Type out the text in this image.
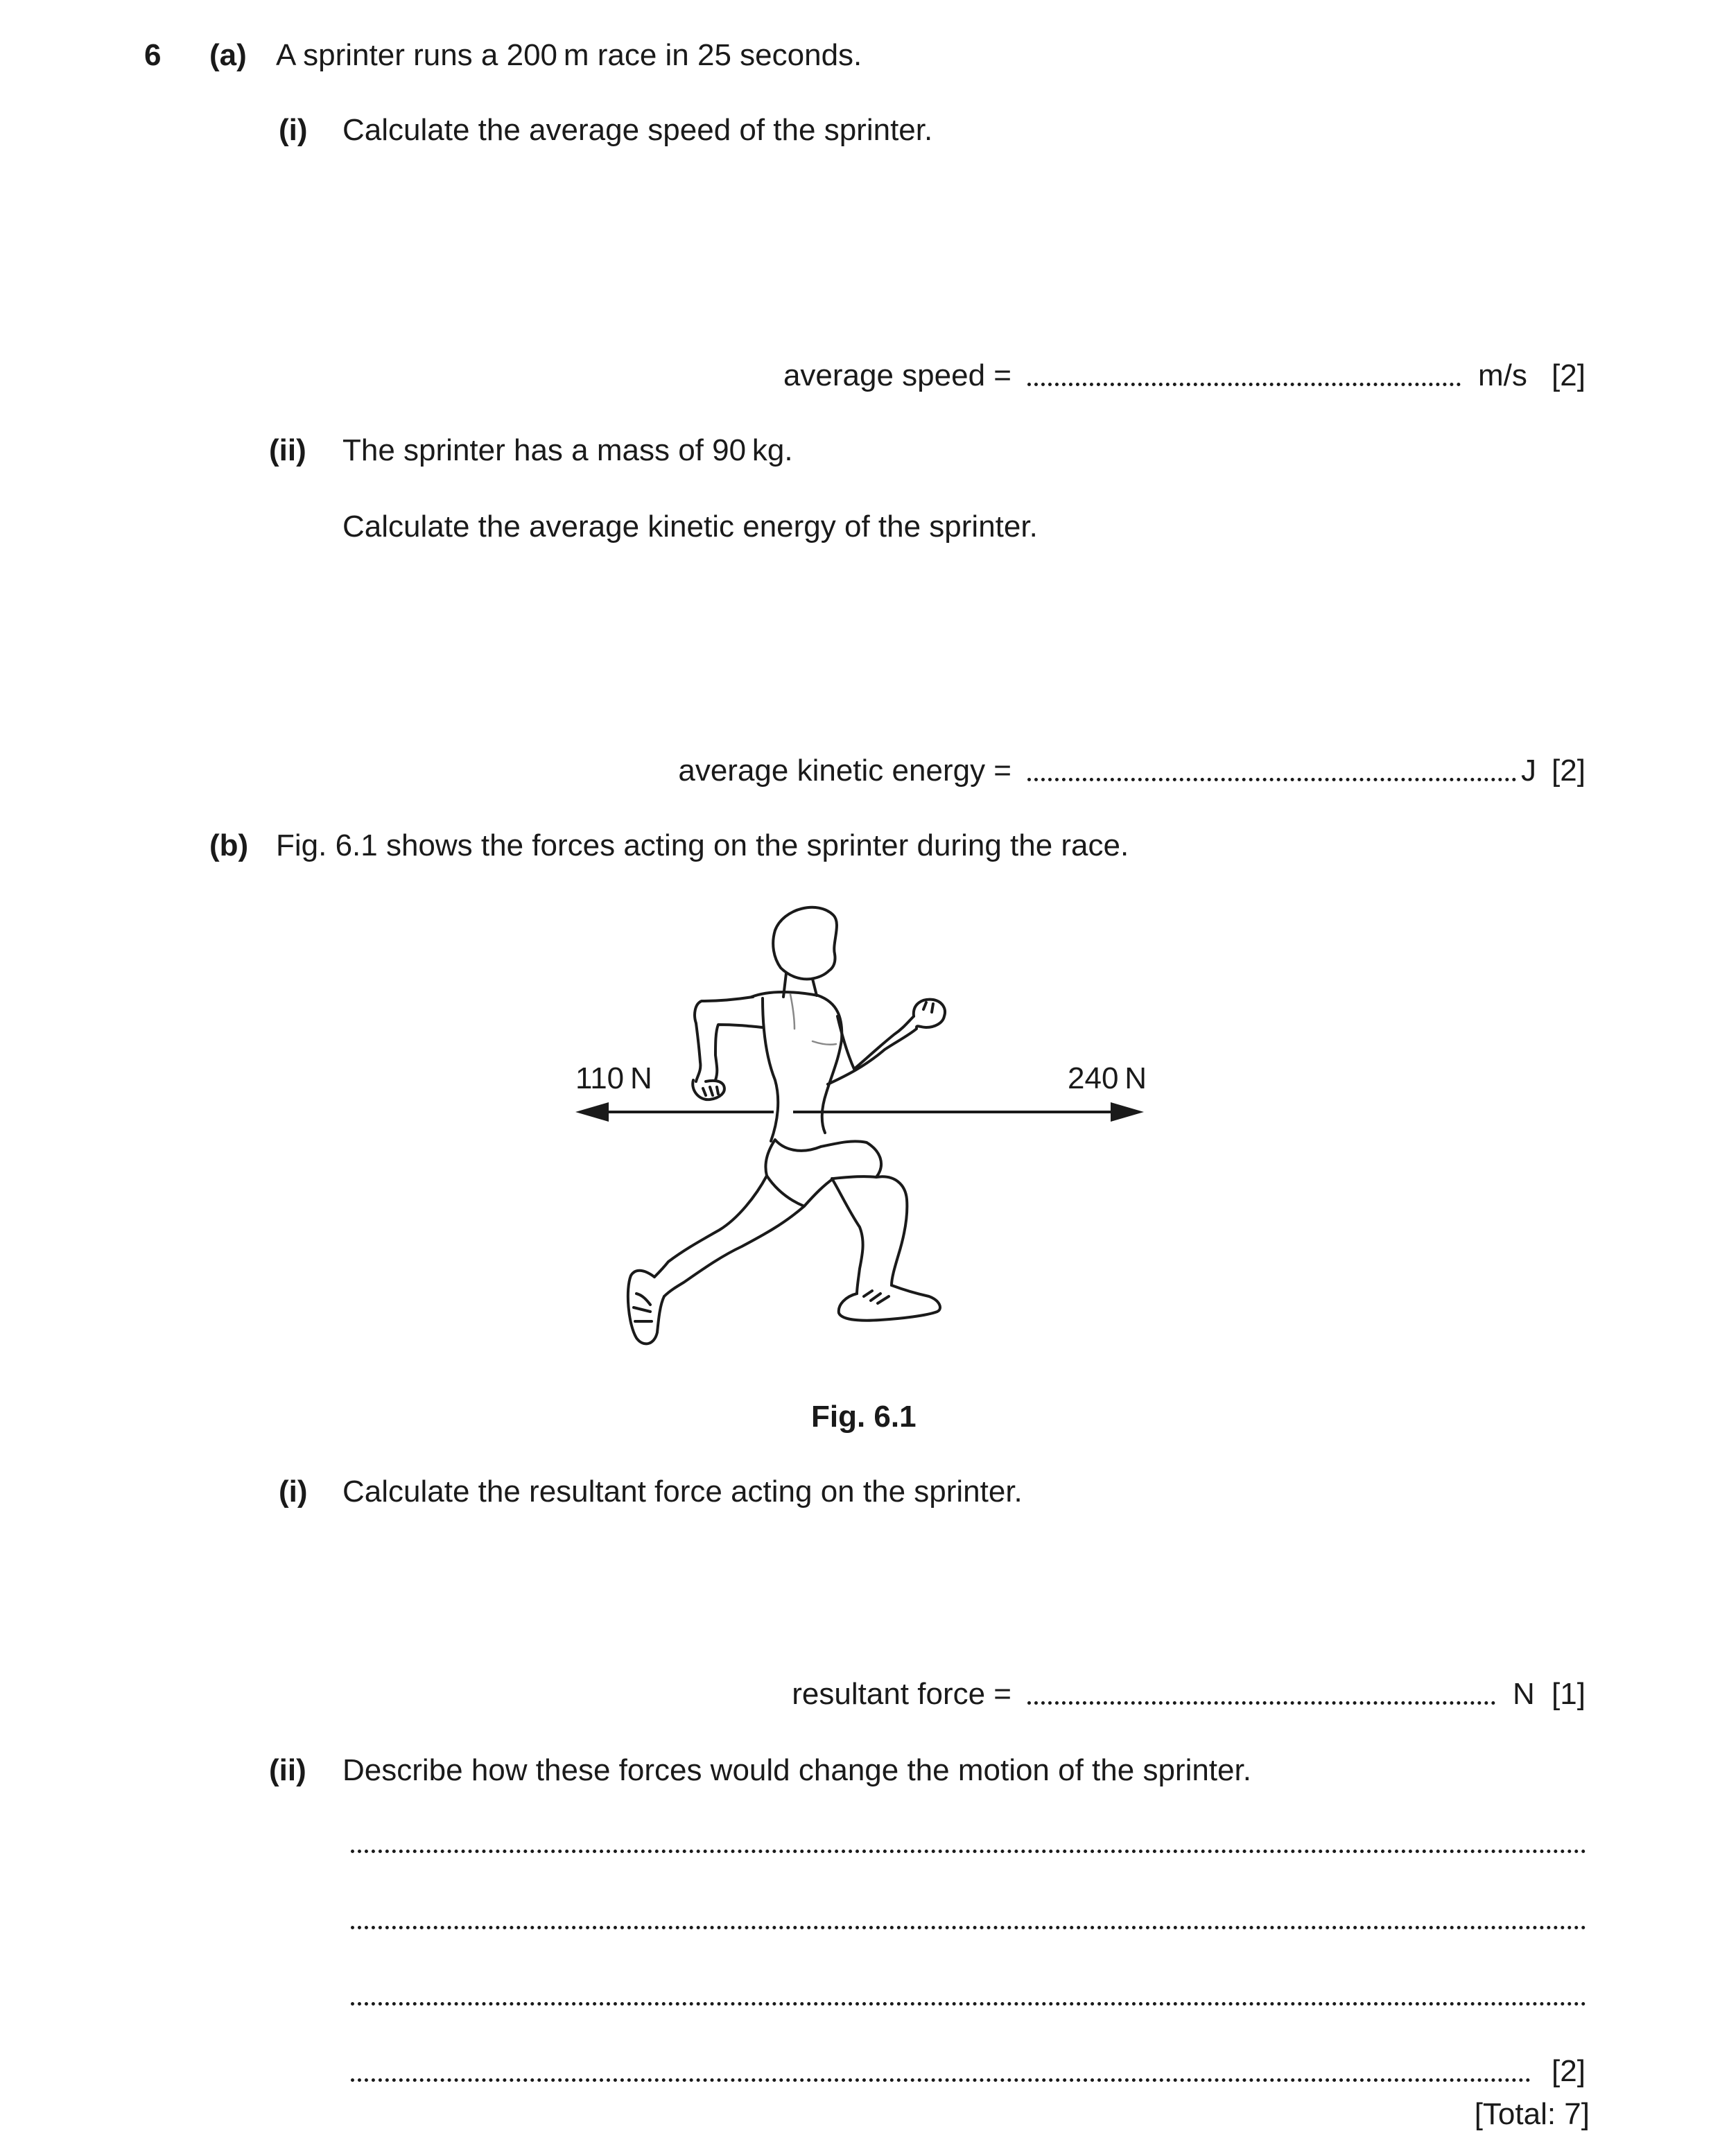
6 (a) A sprinter runs a 200 m race in 25 seconds.
(i) Calculate the average speed of the sprinter.
average speed =	m/s [2]
(ii) The sprinter has a mass of 90 kg.
Calculate the average kinetic energy of the sprinter.
average kinetic energy =	J [2]
(b) Fig. 6.1 shows the forces acting on the sprinter during the race.
110 N	240 N
Fig. 6.1
(i) Calculate the resultant force acting on the sprinter.
resultant force =	N [1]
(ii) Describe how these forces would change the motion of the sprinter.
[2]
[Total: 7]
